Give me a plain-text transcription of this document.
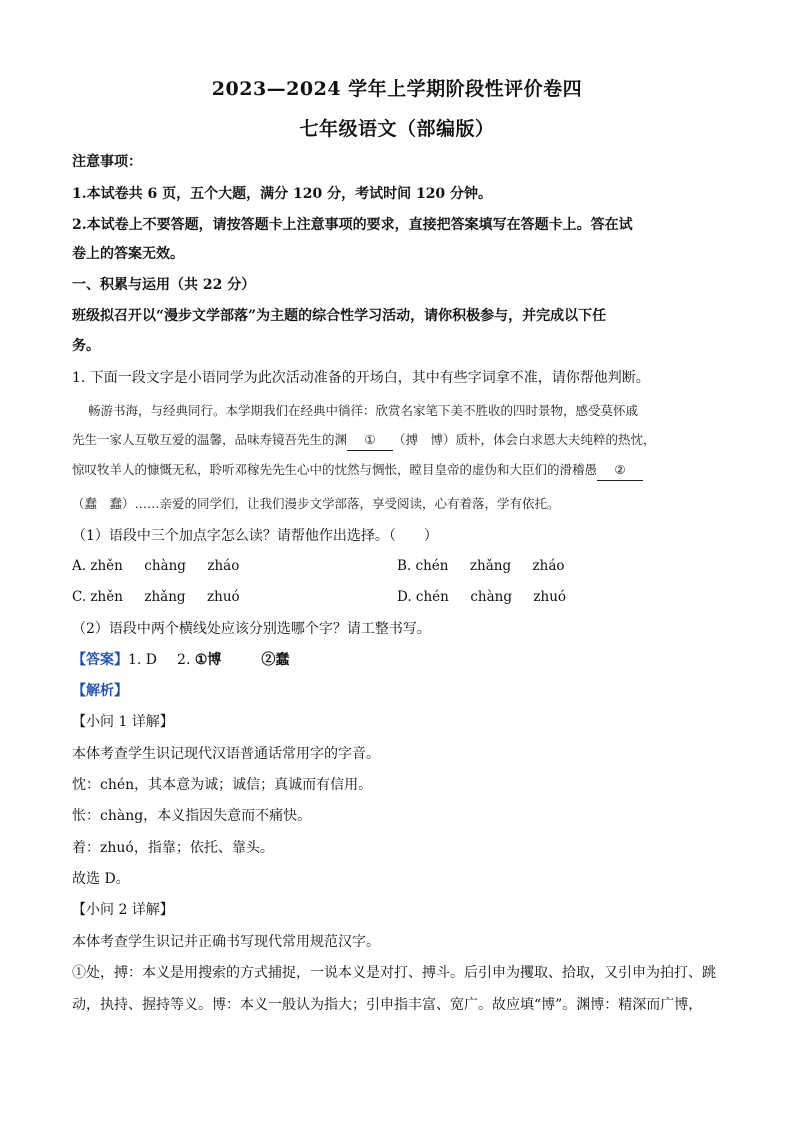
2023—2024 学年上学期阶段性评价卷四
七年级语文（部编版）
注意事项：
1.本试卷共 6 页，五个大题，满分 120 分，考试时间 120 分钟。
2.本试卷上不要答题，请按答题卡上注意事项的要求，直接把答案填写在答题卡上。答在试
卷上的答案无效。
一、积累与运用（共 22 分）
班级拟召开以“漫步文学部落”为主题的综合性学习活动，请你积极参与，并完成以下任
务。
1. 下面一段文字是小语同学为此次活动准备的开场白，其中有些字词拿不准，请你帮他判断。
畅游书海，与经典同行。本学期我们在经典中徜徉：欣赏名家笔下美不胜收的四时景物，感受莫怀戚
先生一家人互敬互爱的温馨，品味寿镜吾先生的渊 ① （搏　博）质朴，体会白求恩大夫纯粹的热忱，
惊叹牧羊人的慷慨无私，聆听邓稼先先生心中的忱然与惆怅，瞠目皇帝的虚伪和大臣们的滑稽愚 ②
（蠢　蠢）……亲爱的同学们，让我们漫步文学部落，享受阅读，心有着落，学有依托。
（1）语段中三个加点字怎么读？请帮他作出选择。（　　）
A. zhěn     chàng     zháo	B. chén     zhǎng     zháo
C. zhěn     zhǎng     zhuó	D. chén     chàng     zhuó
（2）语段中两个横线处应该分别选哪个字？请工整书写。
【答案】1. D 2. ①博	②蠢
【解析】
【小问 1 详解】
本体考查学生识记现代汉语普通话常用字的字音。
忱：chén，其本意为诚；诚信；真诚而有信用。
怅：chàng，本义指因失意而不痛快。
着：zhuó，指靠；依托、靠头。
故选 D。
【小问 2 详解】
本体考查学生识记并正确书写现代常用规范汉字。
①处，搏：本义是用搜索的方式捕捉，一说本义是对打、搏斗。后引申为攫取、拾取，又引申为拍打、跳
动，执持、握持等义。博：本义一般认为指大；引申指丰富、宽广。故应填“博”。渊博：精深而广博，
